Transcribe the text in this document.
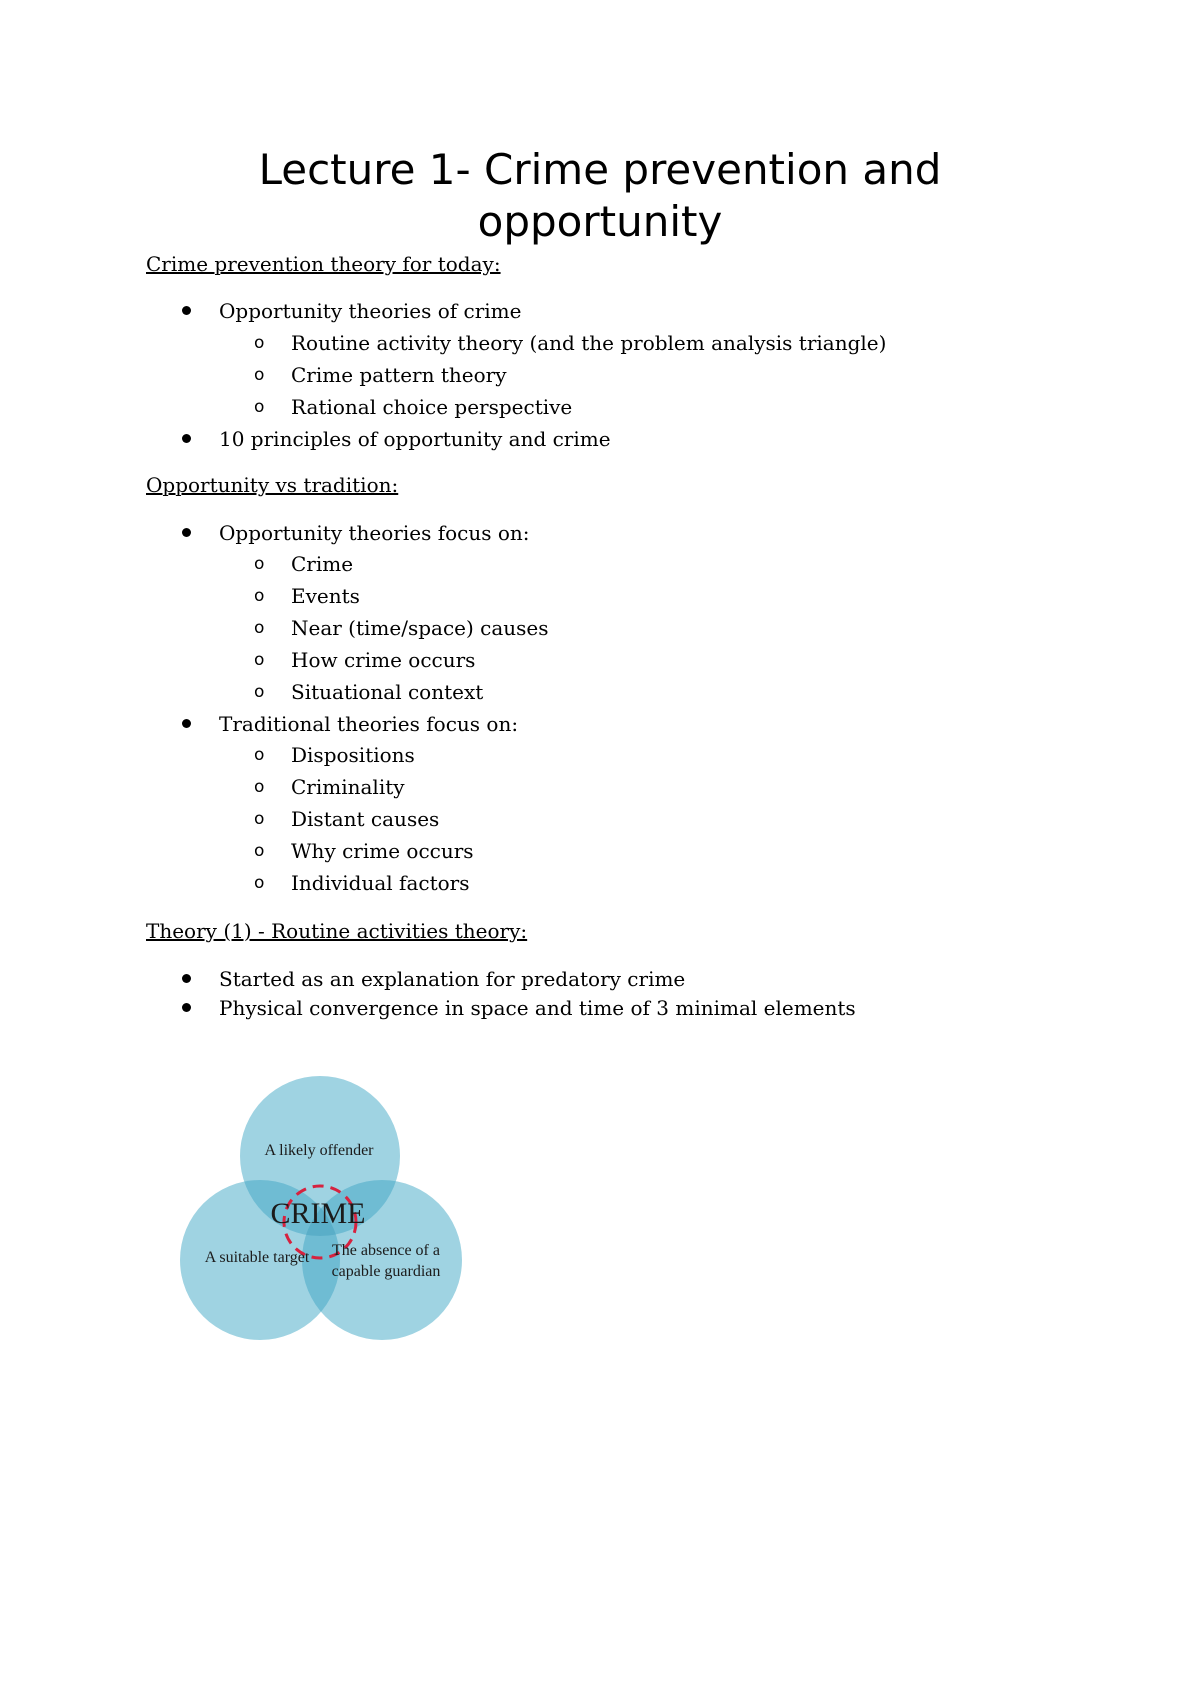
Lecture 1- Crime prevention and
opportunity

Crime prevention theory for today:

Opportunity theories of crime
o Routine activity theory (and the problem analysis triangle)
o Crime pattern theory
o Rational choice perspective
10 principles of opportunity and crime

Opportunity vs tradition:

Opportunity theories focus on:
o Crime
o Events
o Near (time/space) causes
o How crime occurs
o Situational context
Traditional theories focus on:
o Dispositions
o Criminality
o Distant causes
o Why crime occurs
o Individual factors

Theory (1) - Routine activities theory:

Started as an explanation for predatory crime
Physical convergence in space and time of 3 minimal elements
CRIME
A likely offender
A suitable target The absence of a
capable guardian
